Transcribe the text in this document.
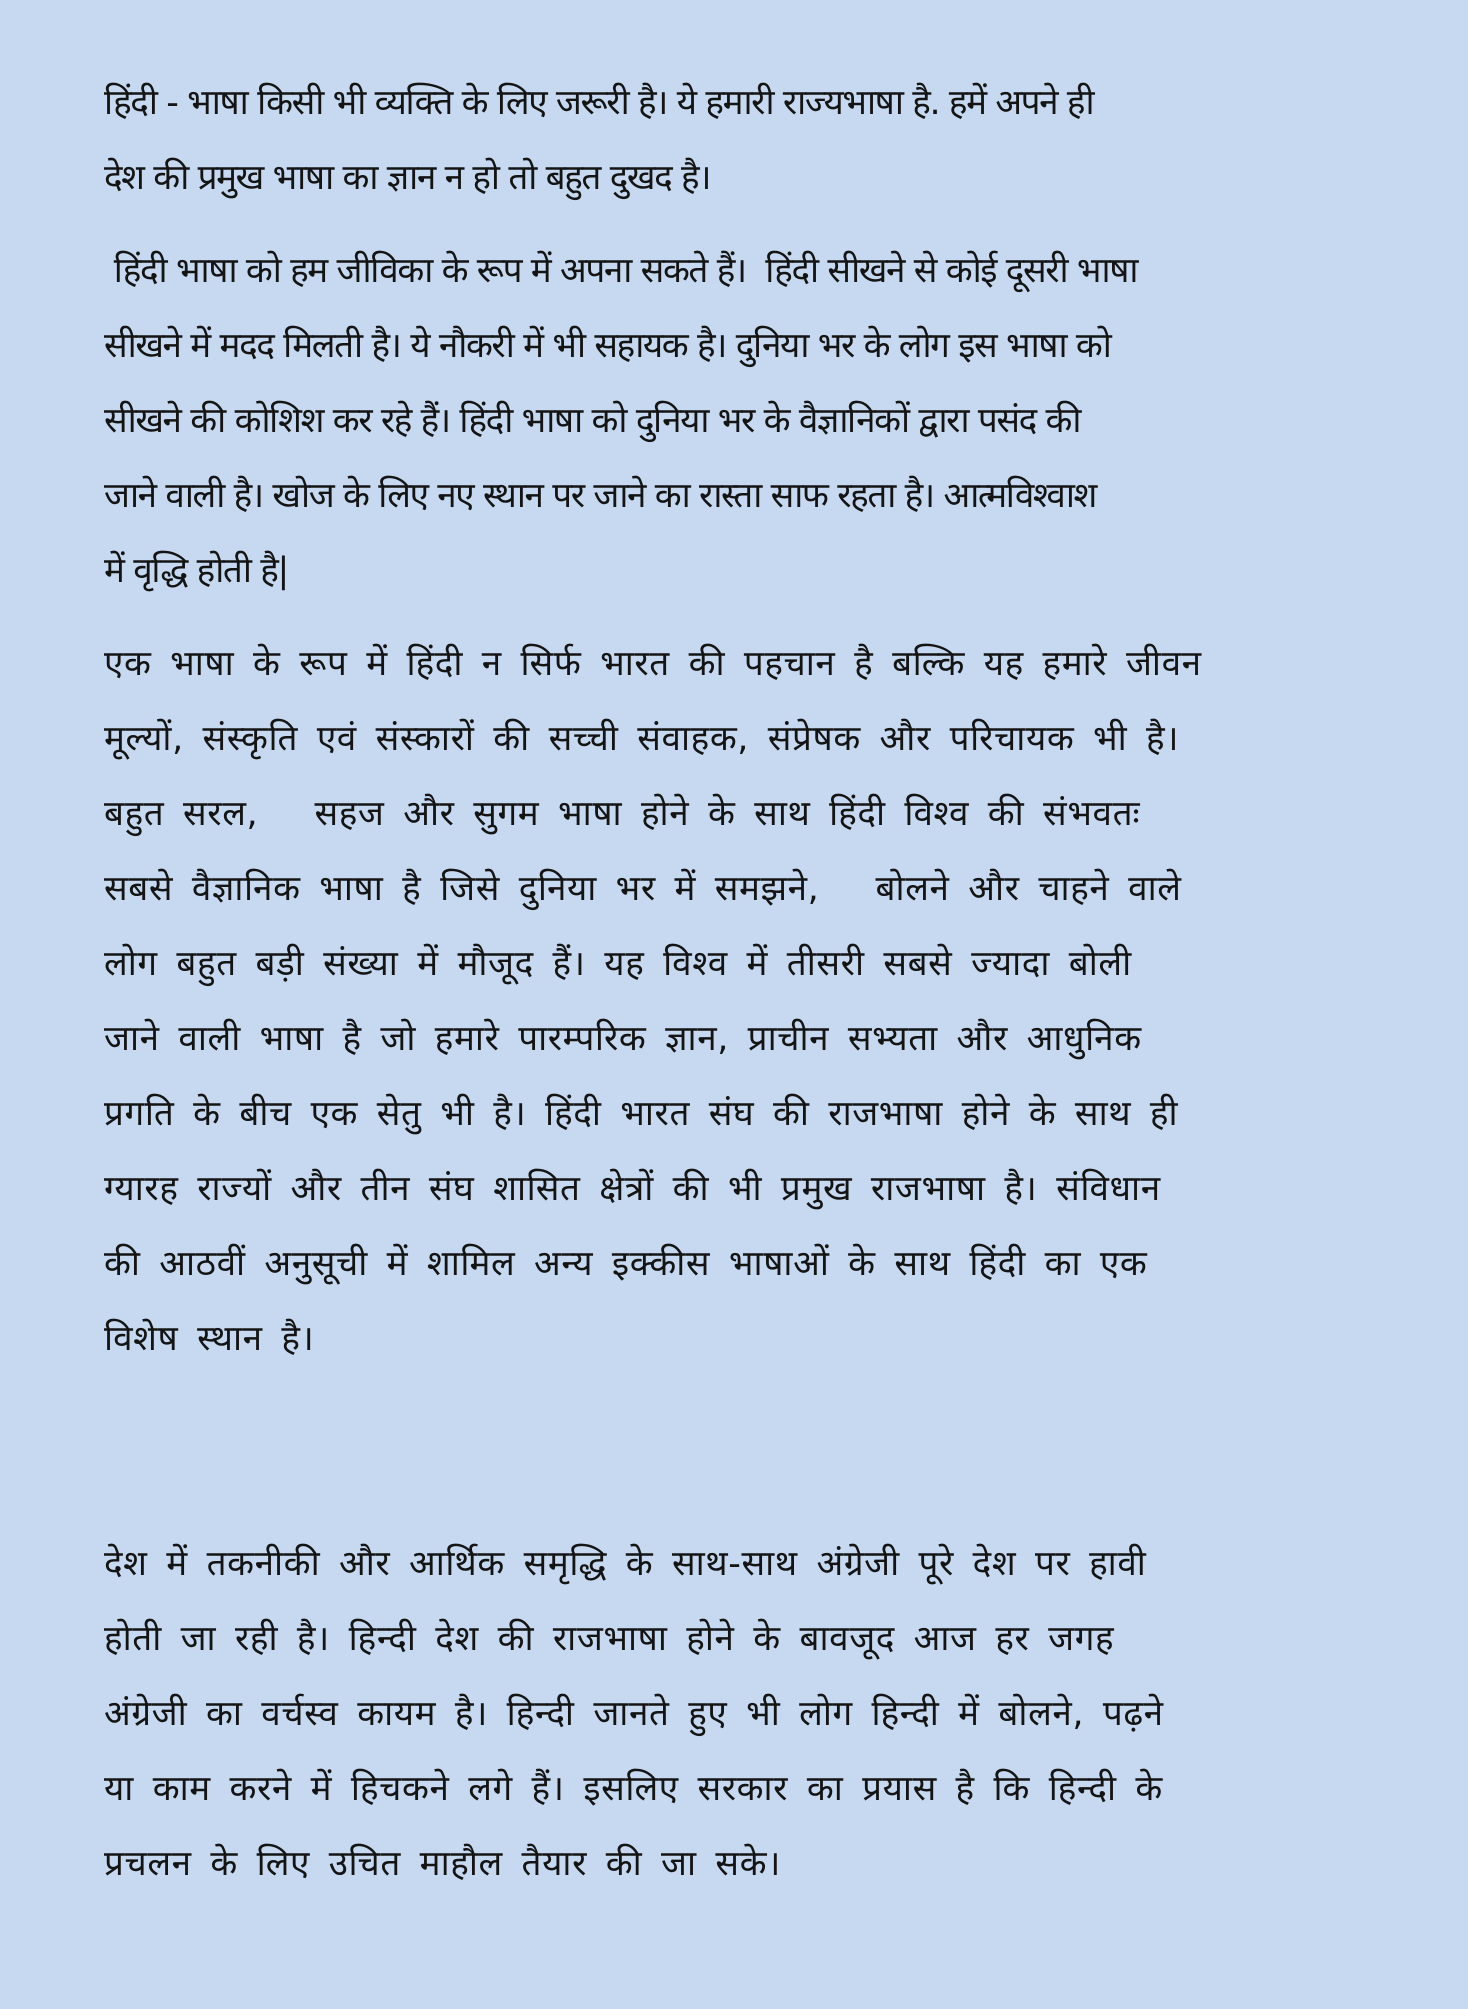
हिंदी - भाषा किसी भी व्यक्ति के लिए जरूरी है। ये हमारी राज्यभाषा है. हमें अपने ही
देश की प्रमुख भाषा का ज्ञान न हो तो बहुत दुखद है।
हिंदी भाषा को हम जीविका के रूप में अपना सकते हैं।  हिंदी सीखने से कोई दूसरी भाषा
सीखने में मदद मिलती है। ये नौकरी में भी सहायक है। दुनिया भर के लोग इस भाषा को
सीखने की कोशिश कर रहे हैं। हिंदी भाषा को दुनिया भर के वैज्ञानिकों द्वारा पसंद की
जाने वाली है। खोज के लिए नए स्थान पर जाने का रास्ता साफ रहता है। आत्मविश्वाश
में वृद्धि होती है|
एक भाषा के रूप में हिंदी न सिर्फ भारत की पहचान है बल्कि यह हमारे जीवन
मूल्यों, संस्कृति एवं संस्कारों की सच्ची संवाहक, संप्रेषक और परिचायक भी है।
बहुत सरल,   सहज और सुगम भाषा होने के साथ हिंदी विश्व की संभवतः
सबसे वैज्ञानिक भाषा है जिसे दुनिया भर में समझने,   बोलने और चाहने वाले
लोग बहुत बड़ी संख्या में मौजूद हैं। यह विश्व में तीसरी सबसे ज्यादा बोली
जाने वाली भाषा है जो हमारे पारम्परिक ज्ञान, प्राचीन सभ्यता और आधुनिक
प्रगति के बीच एक सेतु भी है। हिंदी भारत संघ की राजभाषा होने के साथ ही
ग्यारह राज्यों और तीन संघ शासित क्षेत्रों की भी प्रमुख राजभाषा है। संविधान
की आठवीं अनुसूची में शामिल अन्य इक्कीस भाषाओं के साथ हिंदी का एक
विशेष स्थान है।
देश में तकनीकी और आर्थिक समृद्धि के साथ-साथ अंग्रेजी पूरे देश पर हावी
होती जा रही है। हिन्दी देश की राजभाषा होने के बावजूद आज हर जगह
अंग्रेजी का वर्चस्व कायम है। हिन्दी जानते हुए भी लोग हिन्दी में बोलने, पढ़ने
या काम करने में हिचकने लगे हैं। इसलिए सरकार का प्रयास है कि हिन्दी के
प्रचलन के लिए उचित माहौल तैयार की जा सके।
